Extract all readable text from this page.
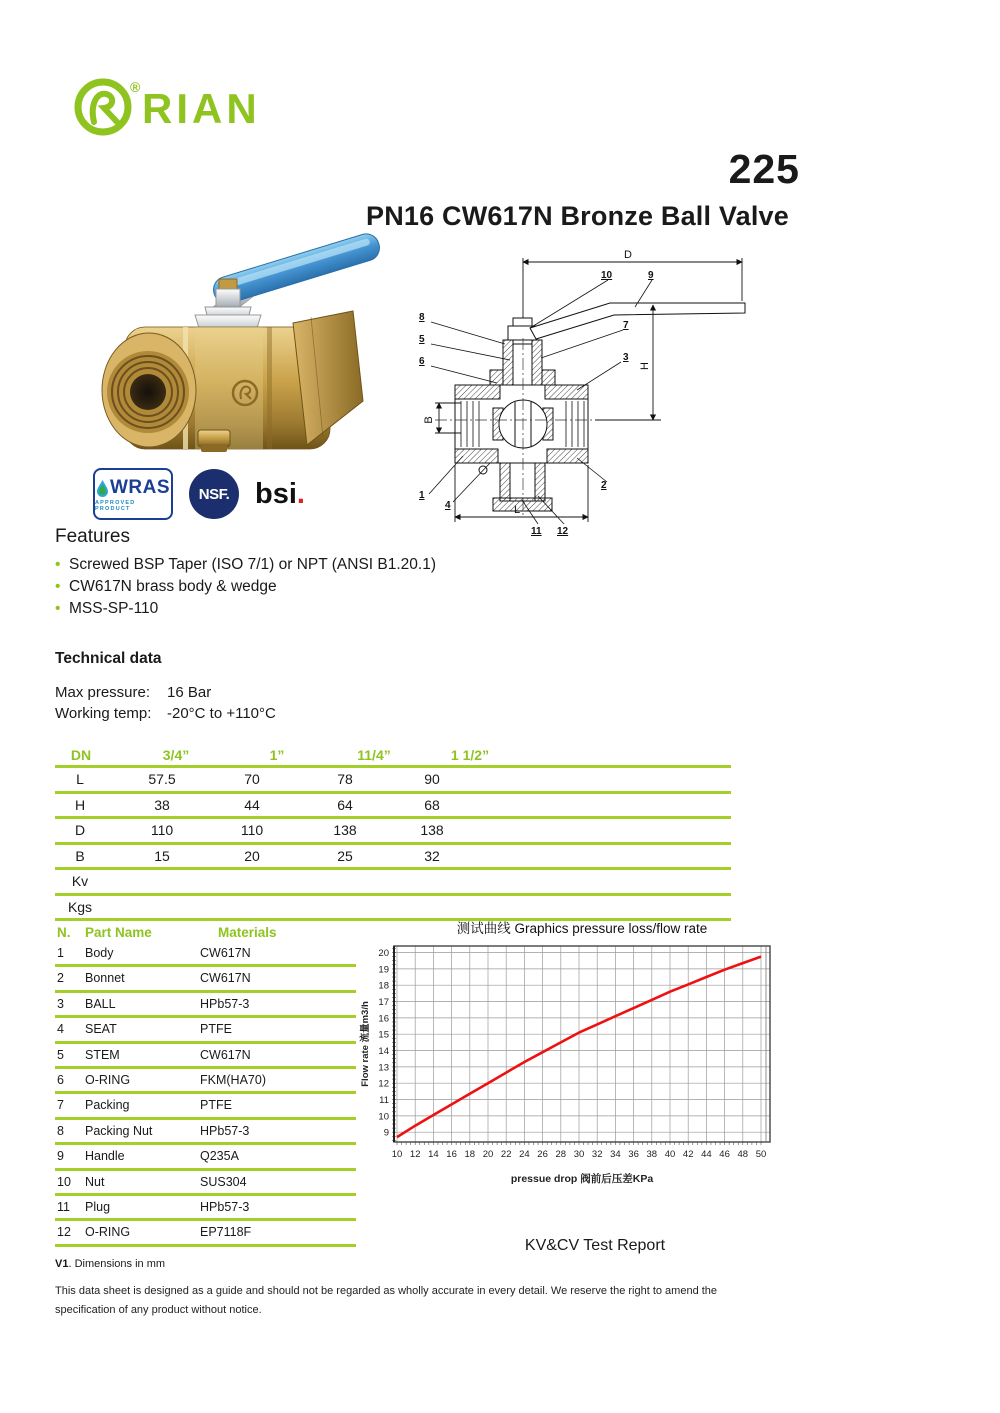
® RIAN
225
PN16 CW617N Bronze Ball Valve
D
H
B
L
1
2
3
4
5
6
7
8
9
10
11 12
WRAS
APPROVED PRODUCT
NSF. bsi.
Features
• Screwed BSP Taper (ISO 7/1) or NPT (ANSI B1.20.1)
• CW617N brass body & wedge
• MSS-SP-110
Technical data
Max pressure:	16 Bar
Working temp:	-20°C to +110°C
DN	3/4”	1”	11/4”	1 1/2”
L	57.5	70	78	90
H	38	44	64	68
D	110	110	138	138
B	15	20	25	32
Kv
Kgs
N. Part Name	Materials
1 Body	CW617N
2 Bonnet	CW617N
3 BALL	HPb57-3
4 SEAT	PTFE
5 STEM	CW617N
6 O-RING	FKM(HA70)
7 Packing	PTFE
8 Packing Nut	HPb57-3
9 Handle	Q235A
10 Nut	SUS304
11 Plug	HPb57-3
12 O-RING	EP7118F
10 12 14 16 18 20 22 24 26 28 30 32 34 36 38 40 42 44 46 48 50
9
10
11
12
13
14
15
16
17
18
19
20
测试曲线 Graphics pressure loss/flow rate
pressue drop 阀前后压差KPa
Flow rate 流量m3/h
KV&CV Test Report
V1. Dimensions in mm
This data sheet is designed as a guide and should not be regarded as wholly accurate in every detail. We reserve the right to amend the specification of any product without notice.
